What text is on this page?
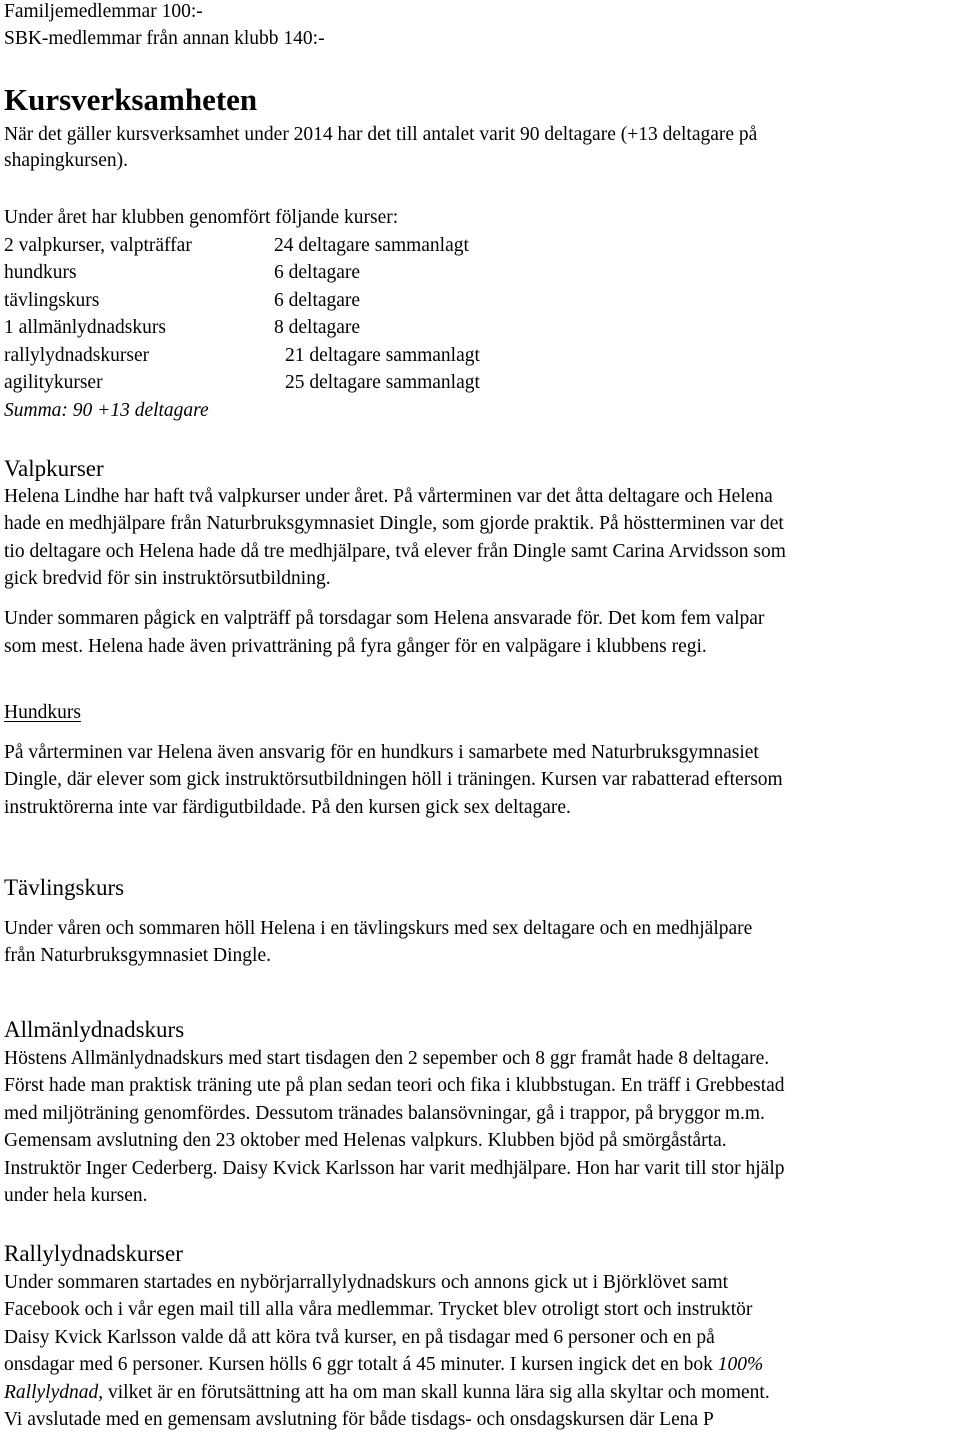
Familjemedlemmar 100:-
SBK-medlemmar från annan klubb 140:-
Kursverksamheten
När det gäller kursverksamhet under 2014 har det till antalet varit 90 deltagare (+13 deltagare på
shapingkursen).
Under året har klubben genomfört följande kurser:
2 valpkurser, valpträffar	24 deltagare sammanlagt
hundkurs	6 deltagare
tävlingskurs	6 deltagare
1 allmänlydnadskurs	8 deltagare
rallylydnadskurser	21 deltagare sammanlagt
agilitykurser	25 deltagare sammanlagt
Summa: 90 +13 deltagare
Valpkurser
Helena Lindhe har haft två valpkurser under året. På vårterminen var det åtta deltagare och Helena
hade en medhjälpare från Naturbruksgymnasiet Dingle, som gjorde praktik. På höstterminen var det
tio deltagare och Helena hade då tre medhjälpare, två elever från Dingle samt Carina Arvidsson som
gick bredvid för sin instruktörsutbildning.
Under sommaren pågick en valpträff på torsdagar som Helena ansvarade för. Det kom fem valpar
som mest. Helena hade även privatträning på fyra gånger för en valpägare i klubbens regi.
Hundkurs
På vårterminen var Helena även ansvarig för en hundkurs i samarbete med Naturbruksgymnasiet
Dingle, där elever som gick instruktörsutbildningen höll i träningen. Kursen var rabatterad eftersom
instruktörerna inte var färdigutbildade. På den kursen gick sex deltagare.
Tävlingskurs
Under våren och sommaren höll Helena i en tävlingskurs med sex deltagare och en medhjälpare
från Naturbruksgymnasiet Dingle.
Allmänlydnadskurs
Höstens Allmänlydnadskurs med start tisdagen den 2 sepember och 8 ggr framåt hade 8 deltagare.
Först hade man praktisk träning ute på plan sedan teori och fika i klubbstugan. En träff i Grebbestad
med miljöträning genomfördes. Dessutom tränades balansövningar, gå i trappor, på bryggor m.m.
Gemensam avslutning den 23 oktober med Helenas valpkurs. Klubben bjöd på smörgåstårta.
Instruktör Inger Cederberg. Daisy Kvick Karlsson har varit medhjälpare. Hon har varit till stor hjälp
under hela kursen.
Rallylydnadskurser
Under sommaren startades en nybörjarrallylydnadskurs och annons gick ut i Björklövet samt
Facebook och i vår egen mail till alla våra medlemmar. Trycket blev otroligt stort och instruktör
Daisy Kvick Karlsson valde då att köra två kurser, en på tisdagar med 6 personer och en på
onsdagar med 6 personer. Kursen hölls 6 ggr totalt á 45 minuter. I kursen ingick det en bok 100%
Rallylydnad, vilket är en förutsättning att ha om man skall kunna lära sig alla skyltar och moment.
Vi avslutade med en gemensam avslutning för både tisdags- och onsdagskursen där Lena P
